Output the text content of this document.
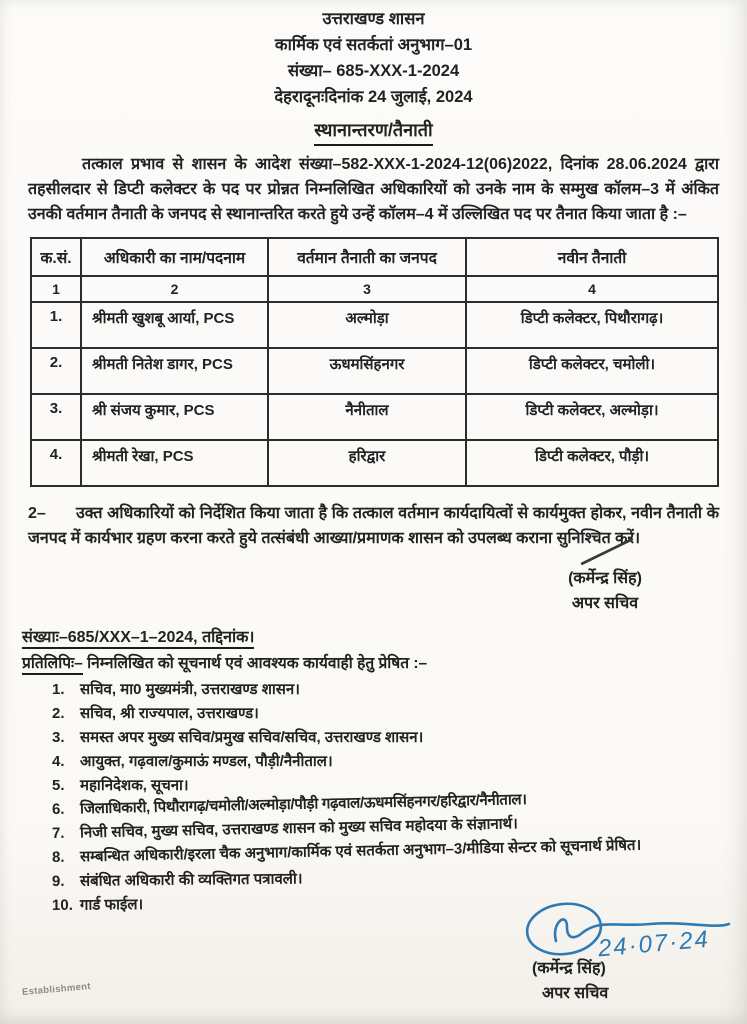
उत्तराखण्ड शासन
कार्मिक एवं सतर्कतां अनुभाग–01
संख्या– 685-XXX-1-2024
देहरादूनःदिनांक 24 जुलाई, 2024
स्थानान्तरण/तैनाती

तत्काल प्रभाव से शासन के आदेश संख्या–582-XXX-1-2024-12(06)2022, दिनांक 28.06.2024 द्वारा तहसीलदार से डिप्टी कलेक्टर के पद पर प्रोन्नत निम्नलिखित अधिकारियों को उनके नाम के सम्मुख कॉलम–3 में अंकित उनकी वर्तमान तैनाती के जनपद से स्थानान्तरित करते हुये उन्हें कॉलम–4 में उल्लिखित पद पर तैनात किया जाता है :–

क.सं.	अधिकारी का नाम/पदनाम	वर्तमान तैनाती का जनपद	नवीन तैनाती
1	2	3	4
1.	श्रीमती खुशबू आर्या, PCS	अल्मोड़ा	डिप्टी कलेक्टर, पिथौरागढ़।
2.	श्रीमती नितेश डागर, PCS	ऊधमसिंहनगर	डिप्टी कलेक्टर, चमोली।
3.	श्री संजय कुमार, PCS	नैनीताल	डिप्टी कलेक्टर, अल्मोड़ा।
4.	श्रीमती रेखा, PCS	हरिद्वार	डिप्टी कलेक्टर, पौड़ी।

2– उक्त अधिकारियों को निर्देशित किया जाता है कि तत्काल वर्तमान कार्यदायित्वों से कार्यमुक्त होकर, नवीन तैनाती के जनपद में कार्यभार ग्रहण करना करते हुये तत्संबंधी आख्या/प्रमाणक शासन को उपलब्ध कराना सुनिश्चित करें।

(कर्मेन्द्र सिंह)
अपर सचिव
संख्याः–685/XXX–1–2024, तद्दिनांक।
प्रतिलिपिः– निम्नलिखित को सूचनार्थ एवं आवश्यक कार्यवाही हेतु प्रेषित :–
1.	सचिव, मा0 मुख्यमंत्री, उत्तराखण्ड शासन।
2.	सचिव, श्री राज्यपाल, उत्तराखण्ड।
3.	समस्त अपर मुख्य सचिव/प्रमुख सचिव/सचिव, उत्तराखण्ड शासन।
4.	आयुक्त, गढ़वाल/कुमाऊं मण्डल, पौड़ी/नैनीताल।
5.	महानिदेशक, सूचना।
6.	जिलाधिकारी, पिथौरागढ़/चमोली/अल्मोड़ा/पौड़ी गढ़वाल/ऊधमसिंहनगर/हरिद्वार/नैनीताल।
7.	निजी सचिव, मुख्य सचिव, उत्तराखण्ड शासन को मुख्य सचिव महोदया के संज्ञानार्थ।
8.	सम्बन्धित अधिकारी/इरला चैक अनुभाग/कार्मिक एवं सतर्कता अनुभाग–3/मीडिया सेन्टर को सूचनार्थ प्रेषित।
9.	संबंधित अधिकारी की व्यक्तिगत पत्रावली।
10. गार्ड फाईल।
24·07·24
(कर्मेन्द्र सिंह)
अपर सचिव
Establishment
